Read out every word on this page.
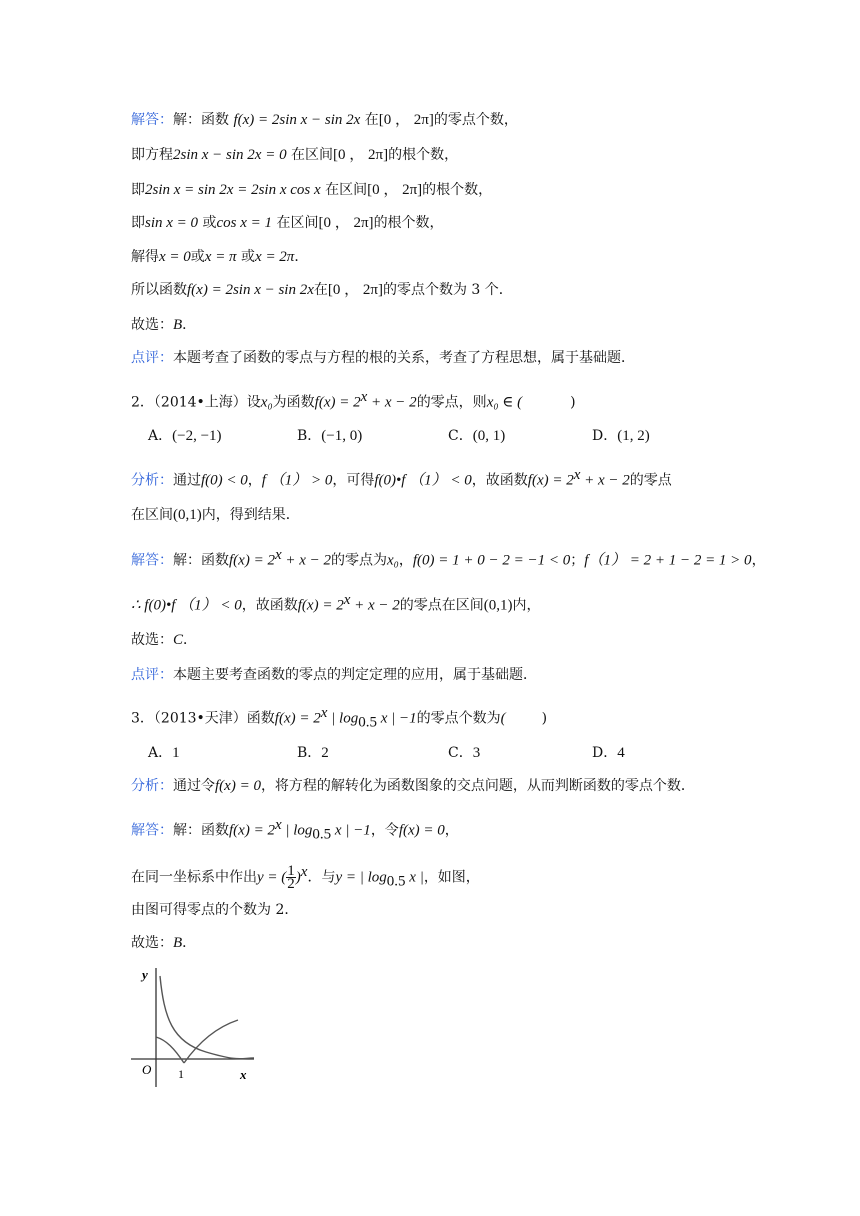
解答：解：函数 f(x) = 2sin x − sin 2x 在[0 ， 2π]的零点个数，
即方程2sin x − sin 2x = 0 在区间[0 ， 2π]的根个数，
即2sin x = sin 2x = 2sin x cos x 在区间[0 ， 2π]的根个数，
即sin x = 0 或cos x = 1 在区间[0 ， 2π]的根个数，
解得x = 0或x = π 或x = 2π．
所以函数f(x) = 2sin x − sin 2x在[0 ， 2π]的零点个数为 3 个．
故选：B．
点评：本题考查了函数的零点与方程的根的关系，考查了方程思想，属于基础题．
2．（2014•上海）设x₀为函数$f(x) = 2^x + x - 2$的零点，则x₀ ∈ (	)
A．(−2, −1)	B．(−1, 0)	C．(0, 1)	D．(1, 2)
分析：通过f(0) < 0，f （1） > 0，可得f(0)•f （1） < 0，故函数$f(x) = 2^x + x - 2$的零点
在区间(0,1)内，得到结果．
解答：解：函数$f(x) = 2^x + x - 2$的零点为x₀，f(0) = 1 + 0 − 2 = −1 < 0；f（1） = 2 + 1 − 2 = 1 > 0，
∴ f(0)•f （1） < 0，故函数$f(x) = 2^x + x - 2$的零点在区间(0,1)内，
故选：C．
点评：本题主要考查函数的零点的判定定理的应用，属于基础题．
3．（2013•天津）函数$f(x) = 2^x$ | $\log_{0.5} x$ | −1的零点个数为(	)
A．1	B．2	C．3	D．4
分析：通过令f(x) = 0，将方程的解转化为函数图象的交点问题，从而判断函数的零点个数．
解答：解：函数$f(x) = 2^x$ | $\log_{0.5} x$ | −1，令f(x) = 0，
在同一坐标系中作出y = ( $\frac{1}{2} )^x$．与y = | $\log_{0.5} x$ |，如图，
由图可得零点的个数为 2．
故选：B．
y
x
O 1
